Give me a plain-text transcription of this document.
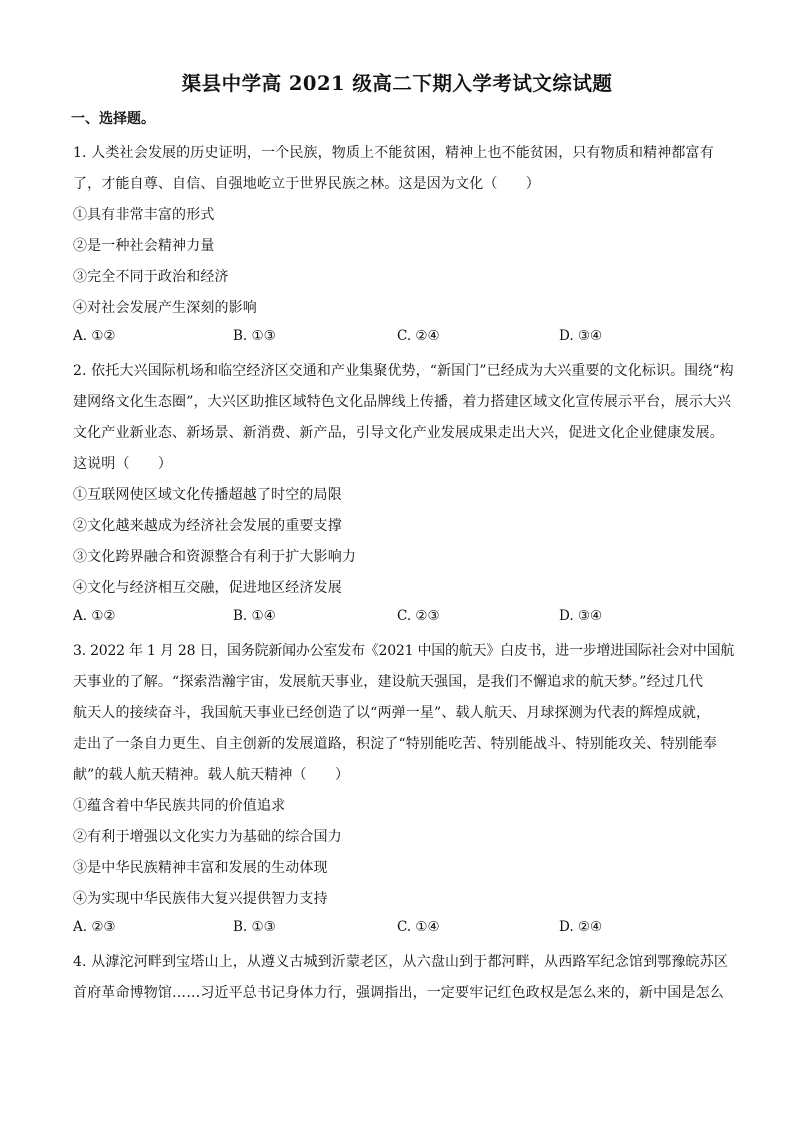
渠县中学高 2021 级高二下期入学考试文综试题
一、选择题。
1. 人类社会发展的历史证明，一个民族，物质上不能贫困，精神上也不能贫困，只有物质和精神都富有
了，才能自尊、自信、自强地屹立于世界民族之林。这是因为文化（　　）
①具有非常丰富的形式
②是一种社会精神力量
③完全不同于政治和经济
④对社会发展产生深刻的影响
A. ①②	B. ①③	C. ②④	D. ③④
2. 依托大兴国际机场和临空经济区交通和产业集聚优势，“新国门”已经成为大兴重要的文化标识。围绕“构
建网络文化生态圈”，大兴区助推区域特色文化品牌线上传播，着力搭建区域文化宣传展示平台，展示大兴
文化产业新业态、新场景、新消费、新产品，引导文化产业发展成果走出大兴，促进文化企业健康发展。
这说明（　　）
①互联网使区域文化传播超越了时空的局限
②文化越来越成为经济社会发展的重要支撑
③文化跨界融合和资源整合有利于扩大影响力
④文化与经济相互交融，促进地区经济发展
A. ①②	B. ①④	C. ②③	D. ③④
3. 2022 年 1 月 28 日，国务院新闻办公室发布《2021 中国的航天》白皮书，进一步增进国际社会对中国航
天事业的了解。“探索浩瀚宇宙，发展航天事业，建设航天强国，是我们不懈追求的航天梦。”经过几代
航天人的接续奋斗，我国航天事业已经创造了以“两弹一星”、载人航天、月球探测为代表的辉煌成就，
走出了一条自力更生、自主创新的发展道路，积淀了“特别能吃苦、特别能战斗、特别能攻关、特别能奉
献”的载人航天精神。载人航天精神（　　）
①蕴含着中华民族共同的价值追求
②有利于增强以文化实力为基础的综合国力
③是中华民族精神丰富和发展的生动体现
④为实现中华民族伟大复兴提供智力支持
A. ②③	B. ①③	C. ①④	D. ②④
4. 从滹沱河畔到宝塔山上，从遵义古城到沂蒙老区，从六盘山到于都河畔，从西路军纪念馆到鄂豫皖苏区
首府革命博物馆……习近平总书记身体力行，强调指出，一定要牢记红色政权是怎么来的，新中国是怎么
